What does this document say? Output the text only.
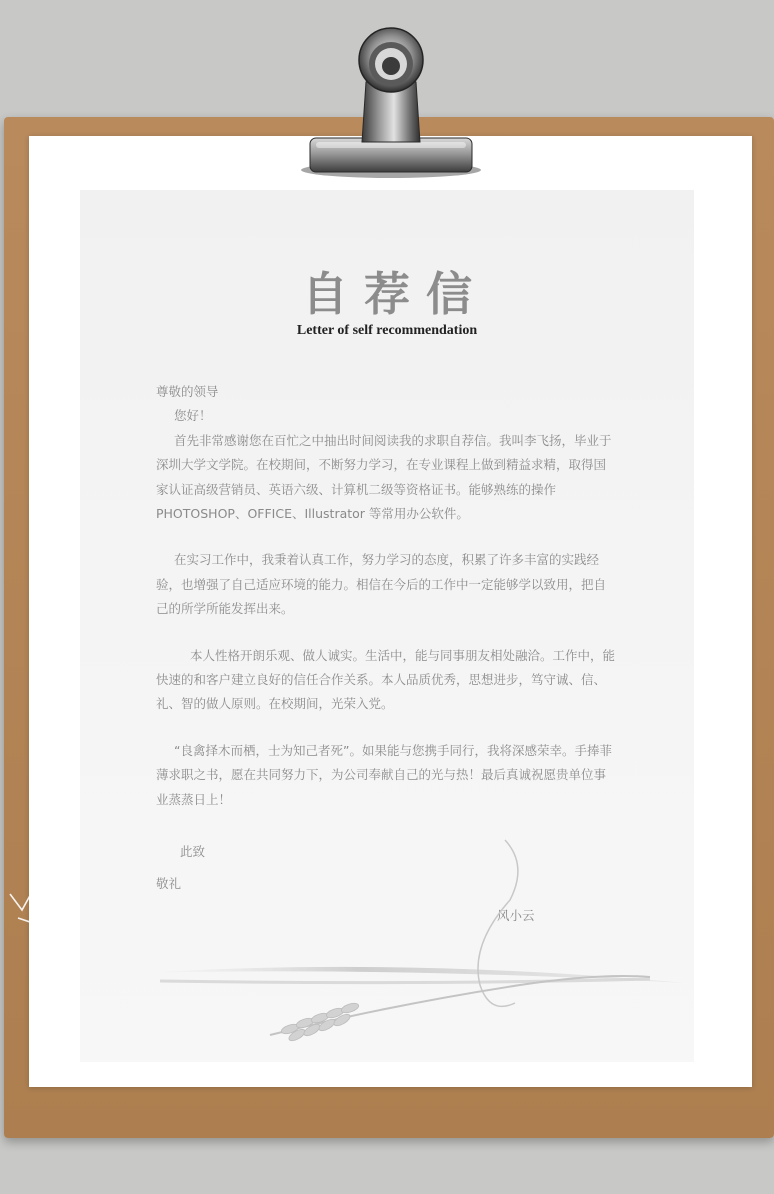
自荐信
Letter of self recommendation

尊敬的领导

您好！

首先非常感谢您在百忙之中抽出时间阅读我的求职自荐信。我叫李飞扬，毕业于深圳大学文学院。在校期间，不断努力学习，在专业课程上做到精益求精，取得国家认证高级营销员、英语六级、计算机二级等资格证书。能够熟练的操作 PHOTOSHOP、OFFICE、Illustrator 等常用办公软件。

在实习工作中，我秉着认真工作，努力学习的态度，积累了许多丰富的实践经验，也增强了自己适应环境的能力。相信在今后的工作中一定能够学以致用，把自己的所学所能发挥出来。

本人性格开朗乐观、做人诚实。生活中，能与同事朋友相处融洽。工作中，能快速的和客户建立良好的信任合作关系。本人品质优秀，思想进步，笃守诚、信、礼、智的做人原则。在校期间，光荣入党。

“良禽择木而栖，士为知己者死”。如果能与您携手同行，我将深感荣幸。手捧菲薄求职之书，愿在共同努力下，为公司奉献自己的光与热！最后真诚祝愿贵单位事业蒸蒸日上！

此致
敬礼
风小云
